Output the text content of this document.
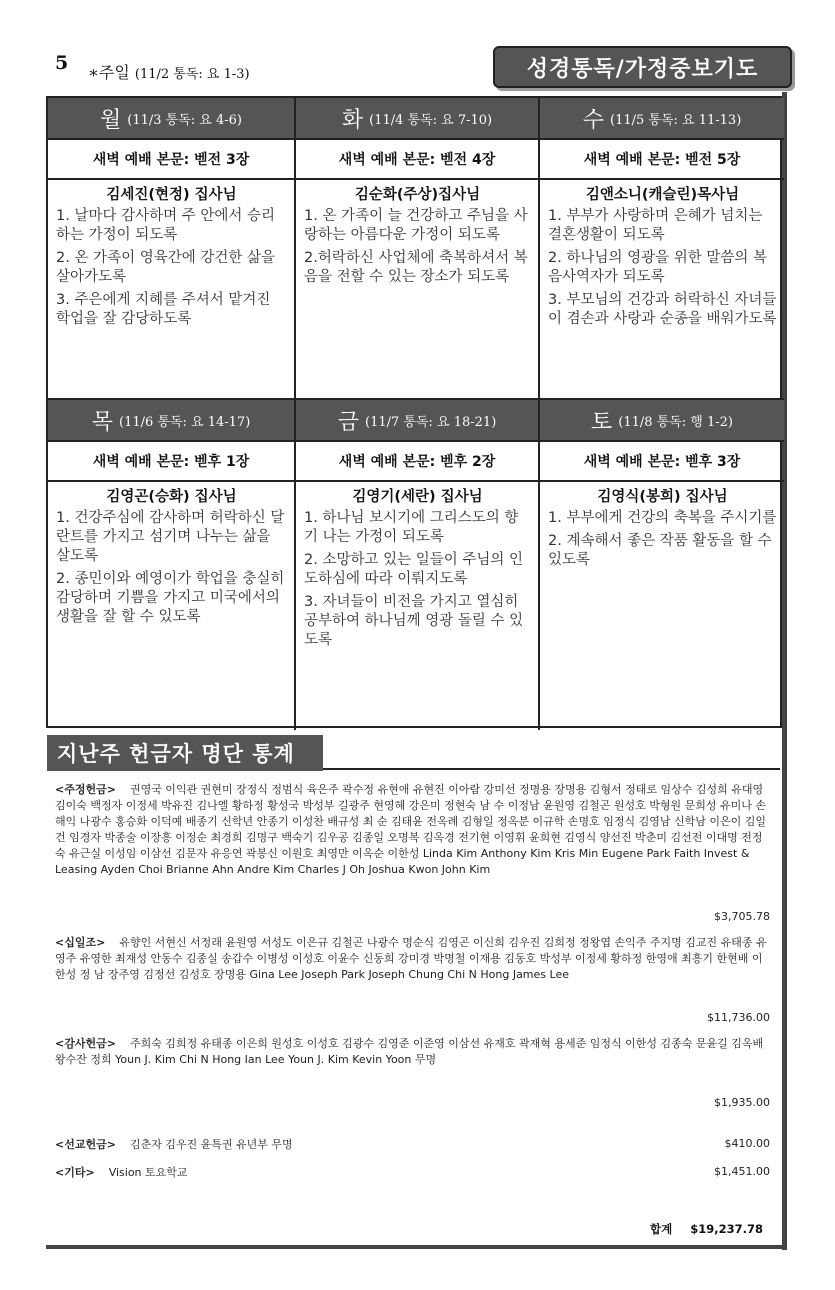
5 ∗주일 (11/2 통독: 요 1-3)	성경통독/가정중보기도
월 (11/3 통독: 요 4-6)
새벽 예배 본문: 벧전 3장
김세진(현정) 집사님
1. 날마다 감사하며 주 안에서 승리하는 가정이 되도록
2. 온 가족이 영육간에 강건한 삶을 살아가도록
3. 주은에게 지혜를 주셔서 맡겨진 학업을 잘 감당하도록
화 (11/4 통독: 요 7-10)
새벽 예배 본문: 벧전 4장
김순화(주상)집사님
1. 온 가족이 늘 건강하고 주님을 사랑하는 아름다운 가정이 되도록
2.허락하신 사업체에 축복하셔서 복음을 전할 수 있는 장소가 되도록
수 (11/5 통독: 요 11-13)
새벽 예배 본문: 벧전 5장
김앤소니(캐슬린)목사님
1. 부부가 사랑하며 은혜가 넘치는 결혼생활이 되도록
2. 하나님의 영광을 위한 말씀의 복음사역자가 되도록
3. 부모님의 건강과 허락하신 자녀들이 겸손과 사랑과 순종을 배워가도록
목 (11/6 통독: 요 14-17)
새벽 예배 본문: 벧후 1장
김영곤(승화) 집사님
1. 건강주심에 감사하며 허락하신 달란트를 가지고 섬기며 나누는 삶을 살도록
2. 종민이와 예영이가 학업을 충실히 감당하며 기쁨을 가지고 미국에서의 생활을 잘 할 수 있도록
금 (11/7 통독: 요 18-21)
새벽 예배 본문: 벧후 2장
김영기(세란) 집사님
1. 하나님 보시기에 그리스도의 향기 나는 가정이 되도록
2. 소망하고 있는 일들이 주님의 인도하심에 따라 이뤄지도록
3. 자녀들이 비전을 가지고 열심히 공부하여 하나님께 영광 돌릴 수 있도록
토 (11/8 통독: 행 1-2)
새벽 예배 본문: 벧후 3장
김영식(봉희) 집사님
1. 부부에게 건강의 축복을 주시기를
2. 계속해서 좋은 작품 활동을 할 수 있도록
지난주 헌금자 명단 통계
<주정헌금> 권영국 이익관 권현미 장정식 정범식 육은주 곽수정 유현애 유현진 이아람 강미선 정명용 장명용 김형서 정태로 임상수 김성희 유대영 김이숙 백정자 이정세 박유진 김나엘 황하정 황성국 박성부 길광주 현영혜 강은미 정현숙 남 수 이정남 윤원영 김철곤 원성호 박형원 문희성 유미나 손해익 나광수 홍승화 이덕예 배종기 신학년 안종기 이성찬 배규성 최 순 김태윤 전옥례 김형일 정옥분 이규학 손명호 임정식 김영남 신학남 이은이 김일건 임경자 박종술 이장흥 이정순 최경희 김명구 백숙기 김우공 김종일 오명복 김옥경 전기현 이영휘 윤희현 김영식 양선진 박춘미 김선전 이대명 전정숙 유근실 이성임 이삼선 김문자 유응연 곽봉신 이원호 최영만 이옥순 이한성 Linda Kim Anthony Kim Kris Min Eugene Park Faith Invest & Leasing Ayden Choi Brianne Ahn Andre Kim Charles J Oh Joshua Kwon John Kim
$3,705.78
<십일조> 유향인 서현신 서정래 윤원영 서성도 이은규 김철곤 나광수 명순식 김영곤 이신희 김우진 김희정 정왕엽 손익주 주지명 김교진 유태종 유영주 유영한 최재성 안동수 김종실 송갑수 이병성 이성호 이윤수 신동희 강미경 박명철 이재용 김동호 박성부 이정세 황하정 한영애 최흥기 한현배 이한성 정 남 장주영 김정선 김성호 장명용 Gina Lee Joseph Park Joseph Chung Chi N Hong James Lee
$11,736.00
<감사헌금> 주희숙 김희정 유태종 이은희 원성호 이성호 김광수 김영준 이준영 이삼선 유재호 곽재혁 용세준 임정식 이한성 김종숙 문윤길 김옥배 왕수잔 정희 Youn J. Kim Chi N Hong Ian Lee Youn J. Kim Kevin Yoon 무명
$1,935.00
<선교헌금> 김춘자 김우진 윤특권 유년부 무명	$410.00
<기타> Vision 토요학교	$1,451.00
합계 $19,237.78
